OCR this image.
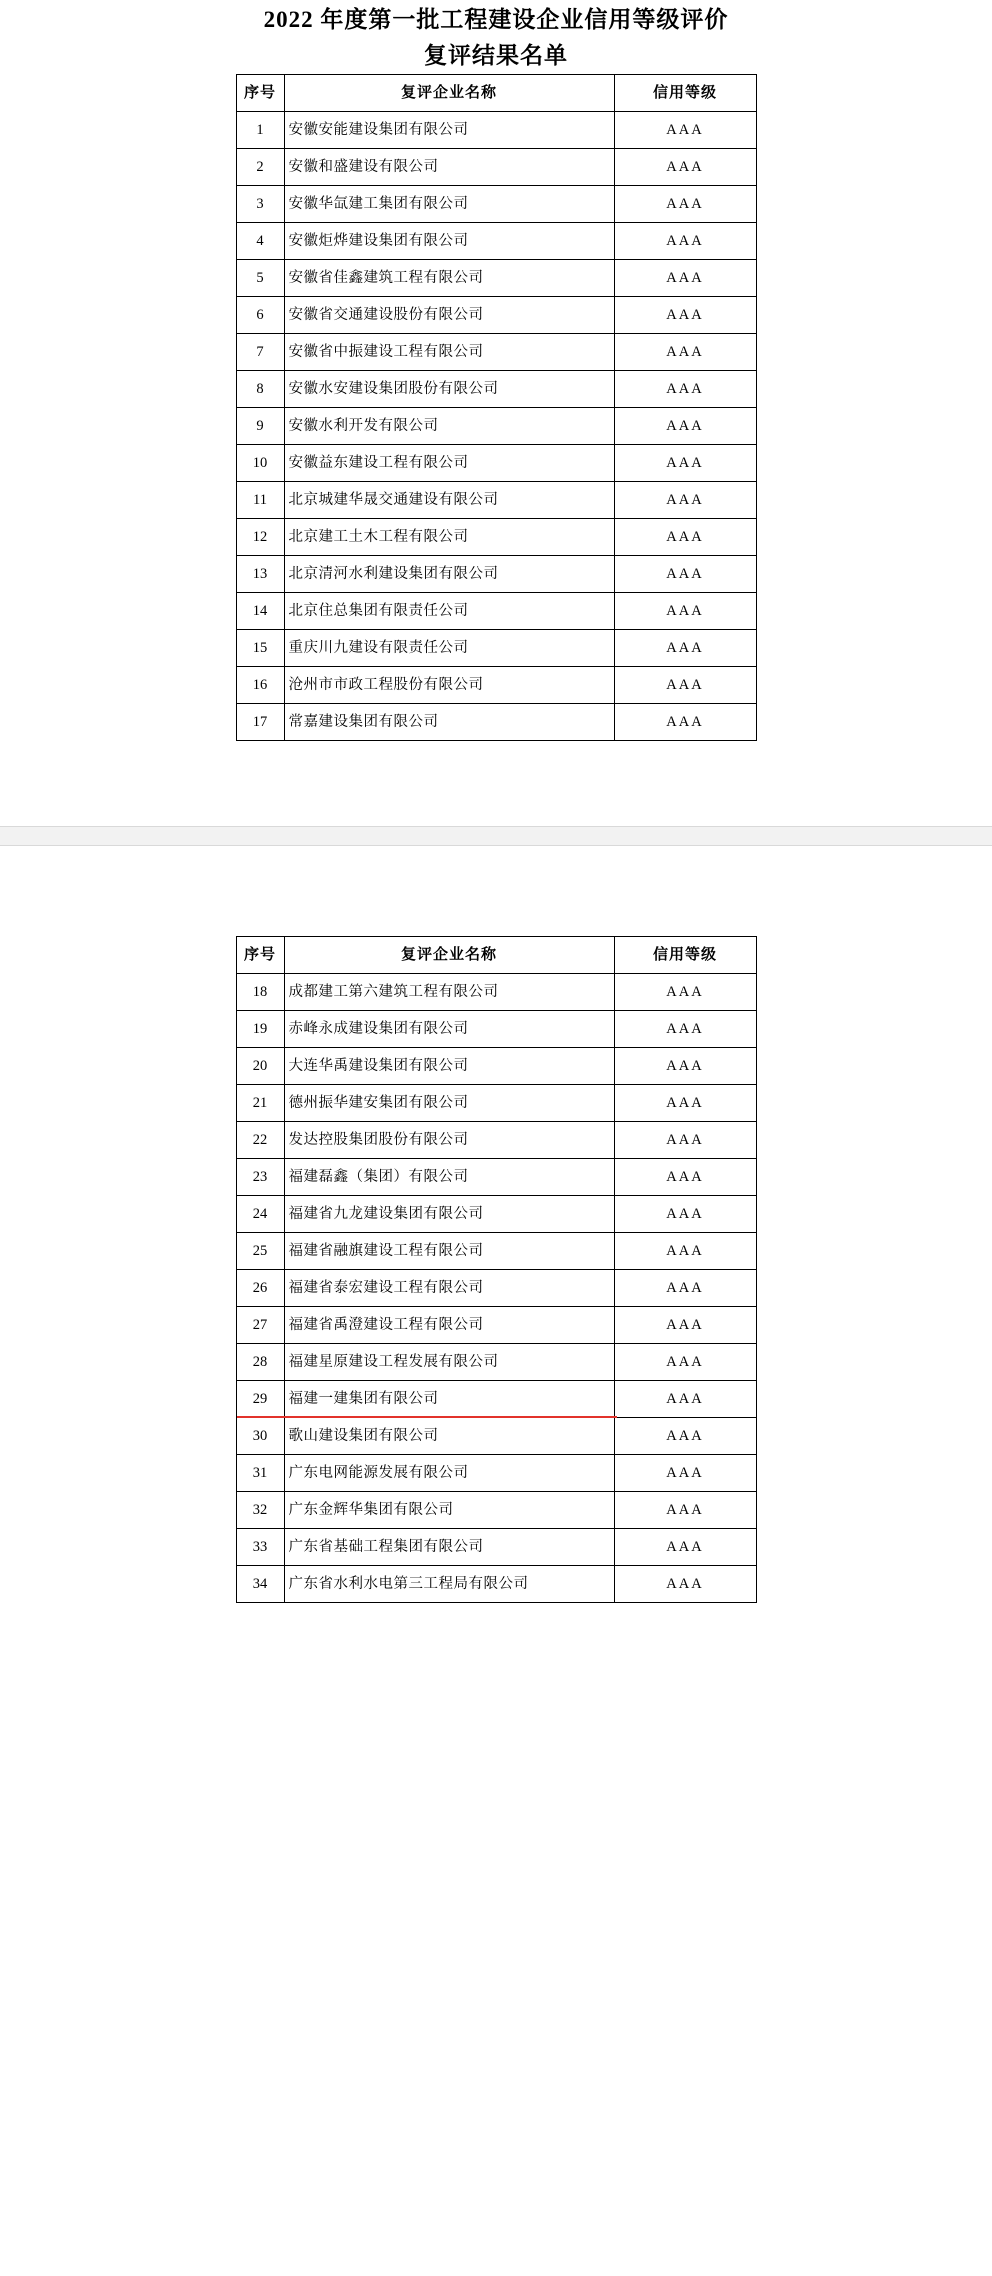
2022 年度第一批工程建设企业信用等级评价
复评结果名单
序号	复评企业名称	信用等级
1	安徽安能建设集团有限公司	AAA
2	安徽和盛建设有限公司	AAA
3	安徽华氙建工集团有限公司	AAA
4	安徽炬烨建设集团有限公司	AAA
5	安徽省佳鑫建筑工程有限公司	AAA
6	安徽省交通建设股份有限公司	AAA
7	安徽省中振建设工程有限公司	AAA
8	安徽水安建设集团股份有限公司	AAA
9	安徽水利开发有限公司	AAA
10	安徽益东建设工程有限公司	AAA
11	北京城建华晟交通建设有限公司	AAA
12	北京建工土木工程有限公司	AAA
13	北京清河水利建设集团有限公司	AAA
14	北京住总集团有限责任公司	AAA
15	重庆川九建设有限责任公司	AAA
16	沧州市市政工程股份有限公司	AAA
17	常嘉建设集团有限公司	AAA
序号	复评企业名称	信用等级
18	成都建工第六建筑工程有限公司	AAA
19	赤峰永成建设集团有限公司	AAA
20	大连华禹建设集团有限公司	AAA
21	德州振华建安集团有限公司	AAA
22	发达控股集团股份有限公司	AAA
23	福建磊鑫（集团）有限公司	AAA
24	福建省九龙建设集团有限公司	AAA
25	福建省融旗建设工程有限公司	AAA
26	福建省泰宏建设工程有限公司	AAA
27	福建省禹澄建设工程有限公司	AAA
28	福建星原建设工程发展有限公司	AAA
29	福建一建集团有限公司	AAA
30	歌山建设集团有限公司	AAA
31	广东电网能源发展有限公司	AAA
32	广东金辉华集团有限公司	AAA
33	广东省基础工程集团有限公司	AAA
34	广东省水利水电第三工程局有限公司	AAA
